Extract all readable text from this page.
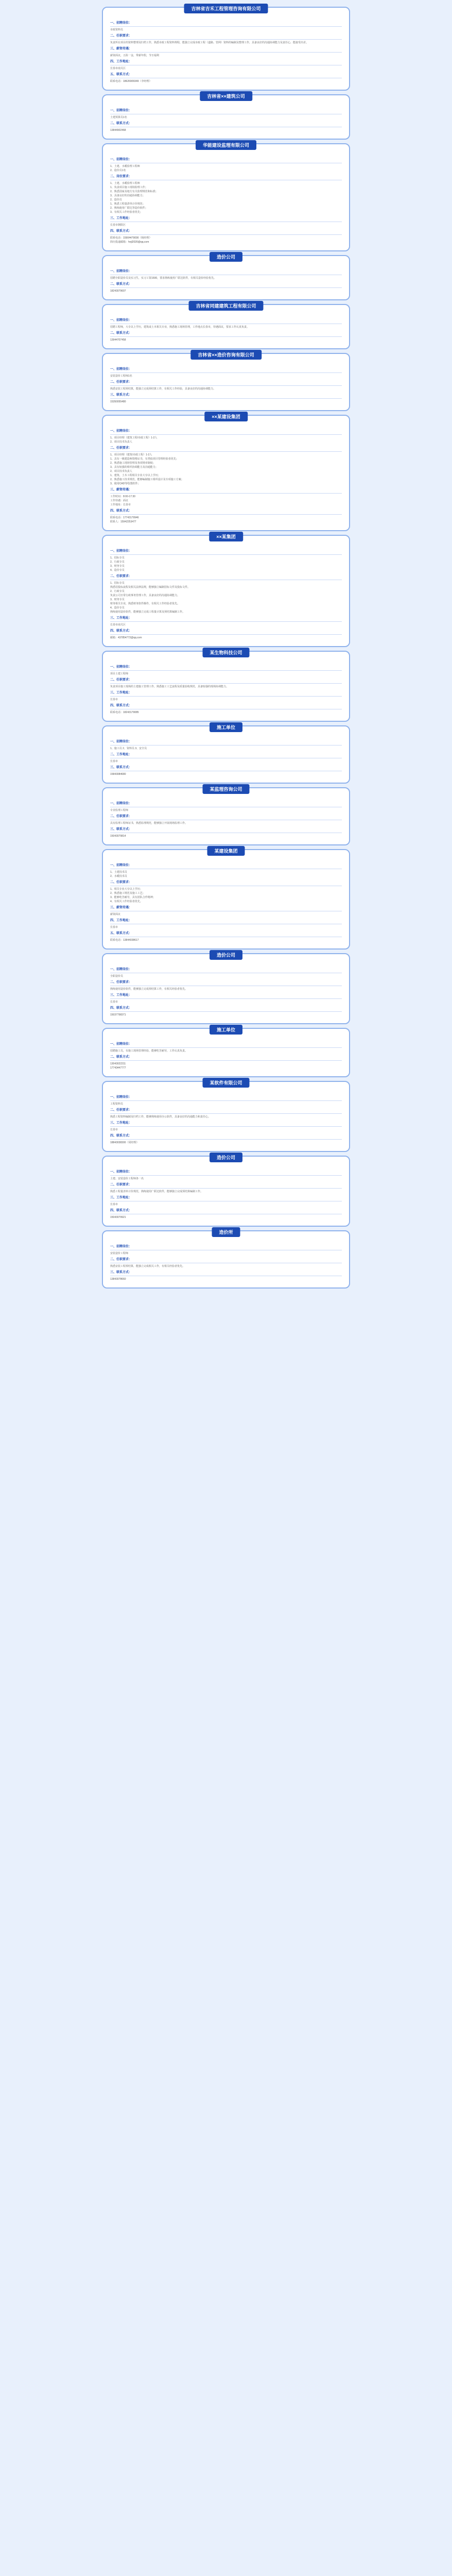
吉林省吉禾工程管理咨询有限公司
一、招聘岗位：
市政资料员
二、任职要求：
负责所在项目的资料整理及归档工作，熟悉市政工程资料规程，能独立完成市政工程（道路、管网）资料的编制及整理工作，具备良好的沟通协调能力及责任心，能接受出差。
三、薪资待遇：
薪资面议，五险一金，带薪年假，节日福利
四、工作地址：
长春市南关区
五、联系方式：
联系电话：18626909349（李经理）
吉林省××建筑公司
一、招聘岗位：
土建预算员1名
二、联系方式：
13844902468
华能建设监理有限公司
一、招聘岗位：
1、土建、水暖监理工程师
2、造价员1名
二、岗位要求：
1、土建、水暖监理工程师
1、负责项目施工现场监理工作；
2、熟悉国家及地方有关监理规范和标准；
3、具备良好的沟通协调能力；
2、造价员
1、熟悉工程量清单计价规范；
2、熟练使用广联达等造价软件；
3、有相关工作经验者优先；
三、工作地址：
长春市朝阳区
四、联系方式：
联系电话：15904479090（杨经理）
简历投递邮箱：hnjl2020@qq.com
造价公司
一、招聘岗位：
招聘全职造价员及实习生，实习工资1500，要求熟练使用广联达软件，有相关造价经验优先。
二、联系方式：
18243079607
吉林省同建建筑工程有限公司
一、招聘岗位：
招聘工程师，大专以上学历，建筑或土木相关专业，熟悉施工现场管理，工作地点长春市，待遇面议，要求工作认真负责。
二、联系方式：
13944707458
吉林省××造价咨询有限公司
一、招聘岗位：
安装造价工程师1名
二、任职要求：
熟悉安装工程预结算，能独立完成预结算工作，有相关工作经验，具备良好的沟通协调能力。
三、联系方式：
15350055480
××某建设集团
一、招聘岗位：
1、项目经理（建筑工程/市政工程）1-2人
2、项目技术负责人
二、任职要求：
1、项目经理（建筑/市政工程）1-2人
1、具有一级建造师资格证书，有类似项目管理经验者优先；
2、熟悉施工现场管理及各项规章制度；
3、具有较强的组织协调能力及沟通能力；
2、项目技术负责人
1、建筑、土木工程相关专业大专以上学历；
2、熟悉施工技术规范，能够编制施工组织设计及专项施工方案；
3、使用CAD等绘图软件；
三、薪资待遇：
工作时间：8:00-17:30
工作待遇：面议
工作地址：长春市
四、联系方式：
联系电话：17743179946
联系人：15942253477
××某集团
一、招聘岗位：
1、招标专员
2、行政专员
3、财务专员
4、造价专员
二、任职要求：
1、招标专员
熟悉招投标流程及相关法律法规，能够独立编制招标文件及投标文件。
2、行政专员
负责公司日常行政事务管理工作，具备良好的沟通协调能力。
3、财务专员
财务相关专业，熟悉财务软件操作，有相关工作经验者优先。
4、造价专员
熟练使用造价软件，能够独立完成工程量计算及预结算编制工作。
三、工作地址：
长春市南关区
四、联系方式：
邮箱：437854772@qq.com
某生物科技公司
一、招聘岗位：
项目土建工程师
二、任职要求：
负责项目施工现场的土建施工管理工作，熟悉施工工艺流程及质量验收规范，具备较强的现场协调能力。
三、工作地址：
长春市
四、联系方式：
联系电话：18243179085
施工单位
一、招聘岗位：
1、施工员 2、资料员 3、安全员
二、工作地址：
长春市
三、联系方式：
15843084680
某监理咨询公司
一、招聘岗位：
专业监理工程师
二、任职要求：
具有监理工程师证书，熟悉监理规范，能够独立开展现场监理工作。
三、联系方式：
15043079814
某建设集团
一、招聘岗位：
1、土建技术员
2、水暖技术员
二、任职要求：
1、相关专业大专以上学历；
2、熟悉施工规范及施工工艺；
3、能够吃苦耐劳，具有团队合作精神；
4、有相关工作经验者优先。
三、薪资待遇：
薪资面议
四、工作地址：
长春市
五、联系方式：
联系电话：13844038617
造价公司
一、招聘岗位：
全职造价员
二、任职要求：
熟练使用造价软件，能够独立完成预结算工作，有相关经验者优先。
三、工作地址：
长春市
四、联系方式：
15037798371
施工单位
一、招聘岗位：
招聘施工员，有施工现场管理经验，能够吃苦耐劳，工作认真负责。
二、联系方式：
13043022211
17743447777
某软件有限公司
一、招聘岗位：
工程资料员
二、任职要求：
熟悉工程资料编制及归档工作，能够熟练使用办公软件，具备良好的沟通能力和责任心。
三、工作地址：
长春市
四、联系方式：
18843038300（周经理）
造价公司
一、招聘岗位：
土建、安装造价工程师各一名
二、任职要求：
熟悉工程量清单计价规范，熟练使用广联达软件，能够独立完成预结算编制工作。
三、工作地址：
长春市
四、联系方式：
15043079921
造价所
一、招聘岗位：
安装造价工程师
二、任职要求：
熟悉安装工程预结算，能独立完成相关工作，有相关经验者优先。
三、联系方式：
13843078660
